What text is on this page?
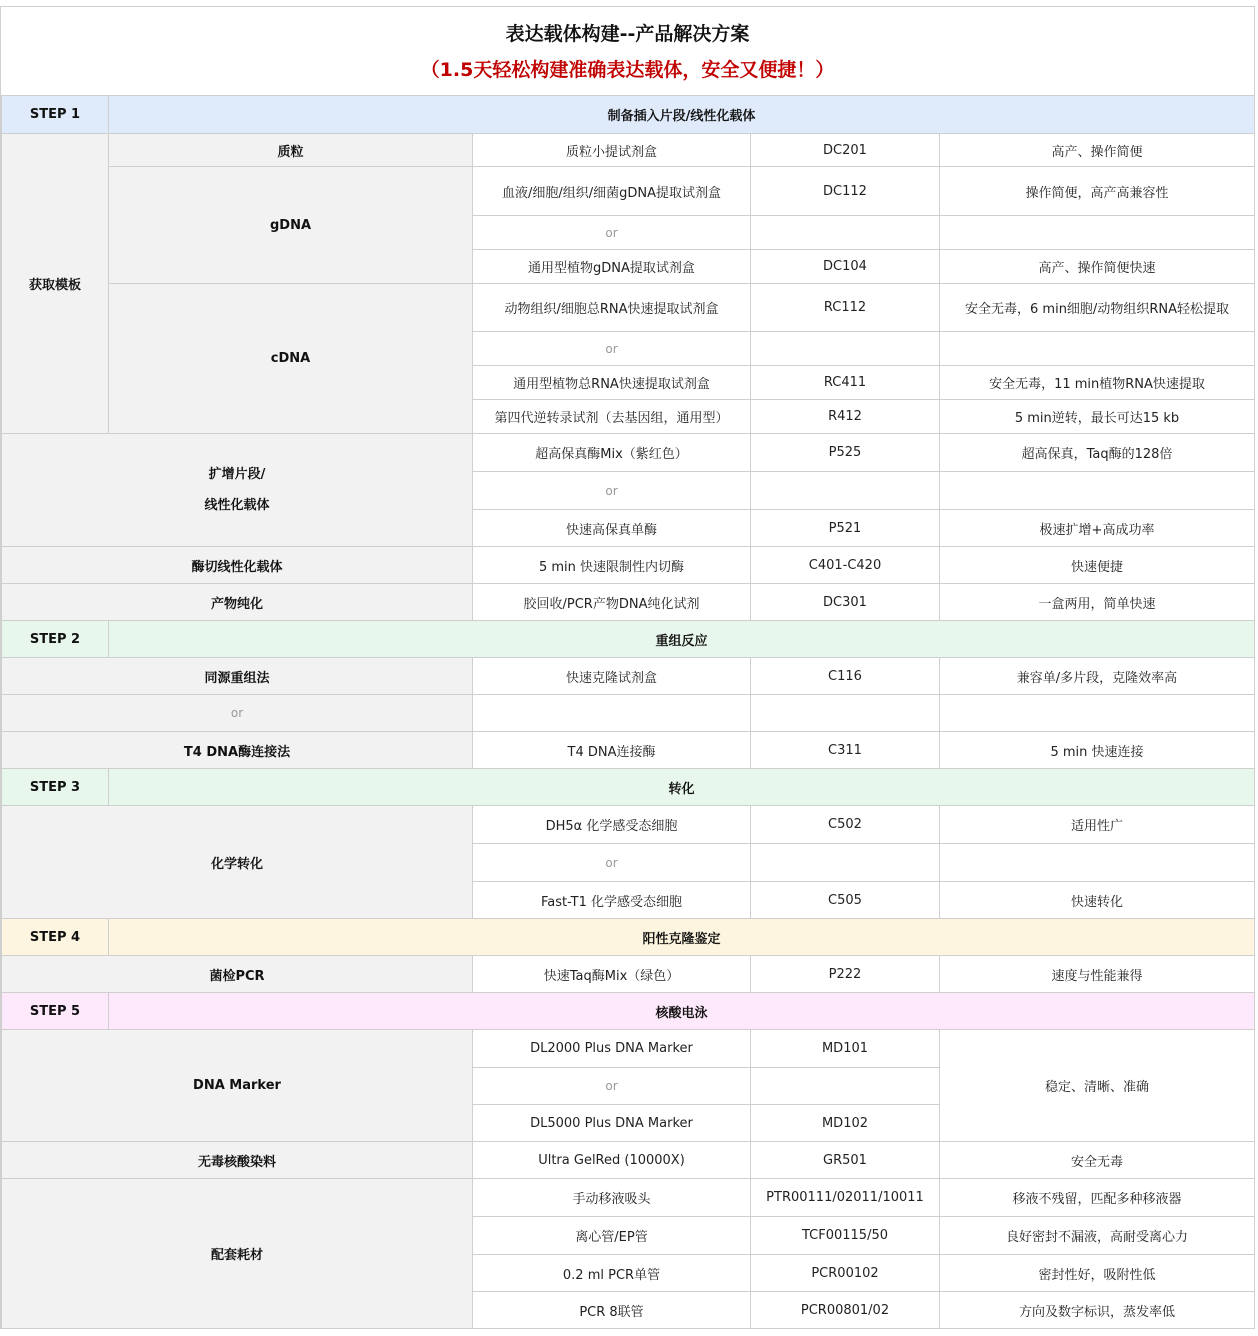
表达载体构建--产品解决方案
（1.5天轻松构建准确表达载体，安全又便捷！）
STEP 1	制备插入片段/线性化载体			
获取模板	质粒	质粒小提试剂盒	DC201	高产、操作简便
	gDNA	血液/细胞/组织/细菌gDNA提取试剂盒	DC112	操作简便，高产高兼容性
		or		
		通用型植物gDNA提取试剂盒	DC104	高产、操作简便快速
	cDNA	动物组织/细胞总RNA快速提取试剂盒	RC112	安全无毒，6 min细胞/动物组织RNA轻松提取
		or		
		通用型植物总RNA快速提取试剂盒	RC411	安全无毒，11 min植物RNA快速提取
		第四代逆转录试剂（去基因组，通用型）	R412	5 min逆转，最长可达15 kb

扩增片段/
线性化载体		超高保真酶Mix（紫红色）	P525	超高保真，Taq酶的128倍
		or		
		快速高保真单酶	P521	极速扩增+高成功率
酶切线性化载体		5 min 快速限制性内切酶	C401-C420	快速便捷
产物纯化		胶回收/PCR产物DNA纯化试剂	DC301	一盒两用，简单快速
STEP 2	重组反应			
同源重组法		快速克隆试剂盒	C116	兼容单/多片段，克隆效率高
or				
T4 DNA酶连接法		T4 DNA连接酶	C311	5 min 快速连接
STEP 3	转化			
化学转化		DH5α 化学感受态细胞	C502	适用性广
		or		
		Fast-T1 化学感受态细胞	C505	快速转化
STEP 4	阳性克隆鉴定			
菌检PCR		快速Taq酶Mix（绿色）	P222	速度与性能兼得
STEP 5	核酸电泳			
DNA Marker		DL2000 Plus DNA Marker	MD101	稳定、清晰、准确
		or		
		DL5000 Plus DNA Marker	MD102	
无毒核酸染料		Ultra GelRed (10000X)	GR501	安全无毒
配套耗材		手动移液吸头	PTR00111/02011/10011	移液不残留，匹配多种移液器
		离心管/EP管	TCF00115/50	良好密封不漏液，高耐受离心力
		0.2 ml PCR单管	PCR00102	密封性好，吸附性低
		PCR 8联管	PCR00801/02	方向及数字标识，蒸发率低
